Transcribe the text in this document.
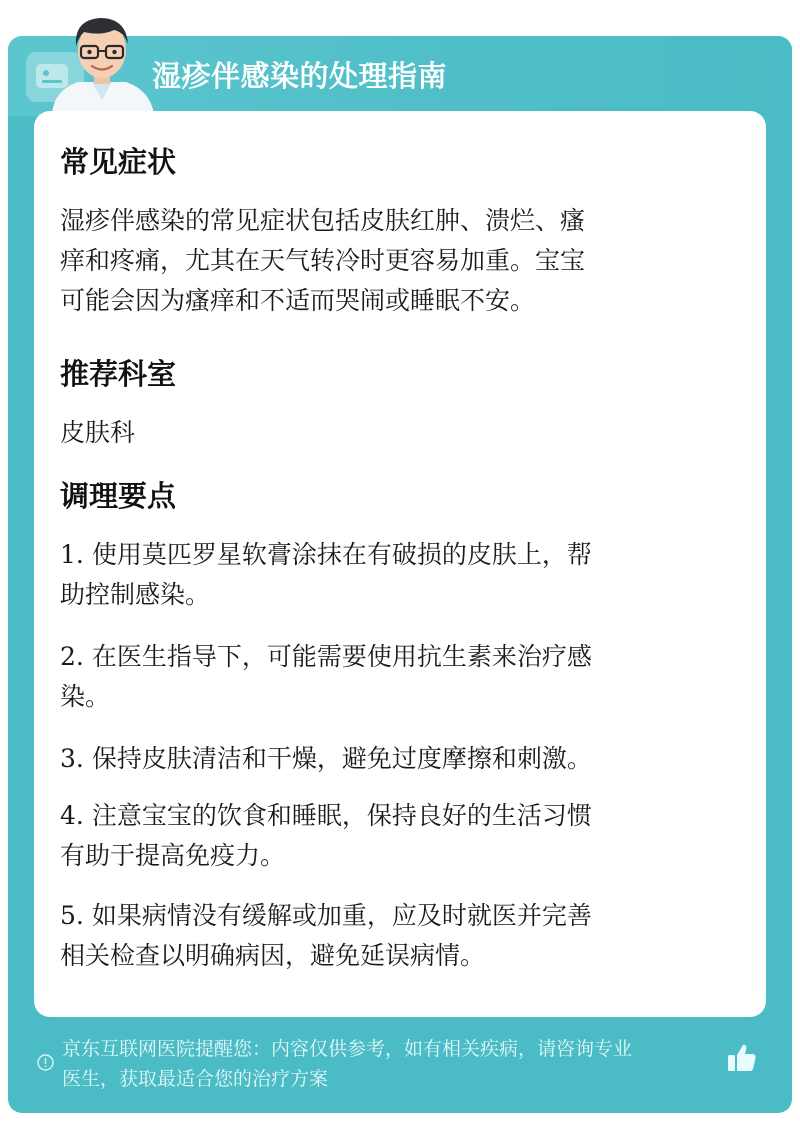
湿疹伴感染的处理指南
常见症状
湿疹伴感染的常见症状包括皮肤红肿、溃烂、瘙
痒和疼痛，尤其在天气转冷时更容易加重。宝宝
可能会因为瘙痒和不适而哭闹或睡眠不安。
推荐科室
皮肤科
调理要点
1. 使用莫匹罗星软膏涂抹在有破损的皮肤上，帮
助控制感染。
2. 在医生指导下，可能需要使用抗生素来治疗感
染。
3. 保持皮肤清洁和干燥，避免过度摩擦和刺激。
4. 注意宝宝的饮食和睡眠，保持良好的生活习惯
有助于提高免疫力。
5. 如果病情没有缓解或加重，应及时就医并完善
相关检查以明确病因，避免延误病情。
京东互联网医院提醒您：内容仅供参考，如有相关疾病，请咨询专业
医生，获取最适合您的治疗方案
